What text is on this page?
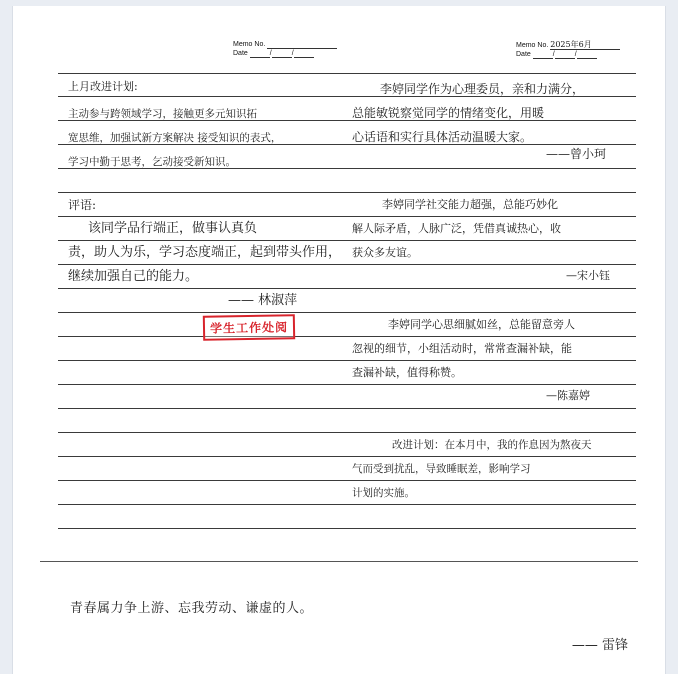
Memo No.
Date	/	/
上月改进计划:
主动参与跨领域学习，接触更多元知识拓
宽思维，加强试新方案解决 接受知识的表式，
学习中勤于思考，乞动接受新知识。
评语:
该同学品行端正，做事认真负
责，助人为乐，学习态度端正，起到带头作用，
继续加强自己的能力。
—— 林淑萍
学生工作处阅
Memo No. 2025年6月
Date	/	/
李婷同学作为心理委员，亲和力满分，
总能敏锐察觉同学的情绪变化，用暖
心话语和实行具体活动温暖大家。
——曾小珂
李婷同学社交能力超强，总能巧妙化
解人际矛盾，人脉广泛，凭借真诚热心，收
获众多友谊。
—宋小钰
李婷同学心思细腻如丝，总能留意旁人
忽视的细节，小组活动时，常常查漏补缺，能
查漏补缺，值得称赞。
—陈嘉婷
改进计划：在本月中，我的作息因为熬夜天
气而受到扰乱，导致睡眠差，影响学习
计划的实施。
青春属力争上游、忘我劳动、谦虚的人。
—— 雷锋
